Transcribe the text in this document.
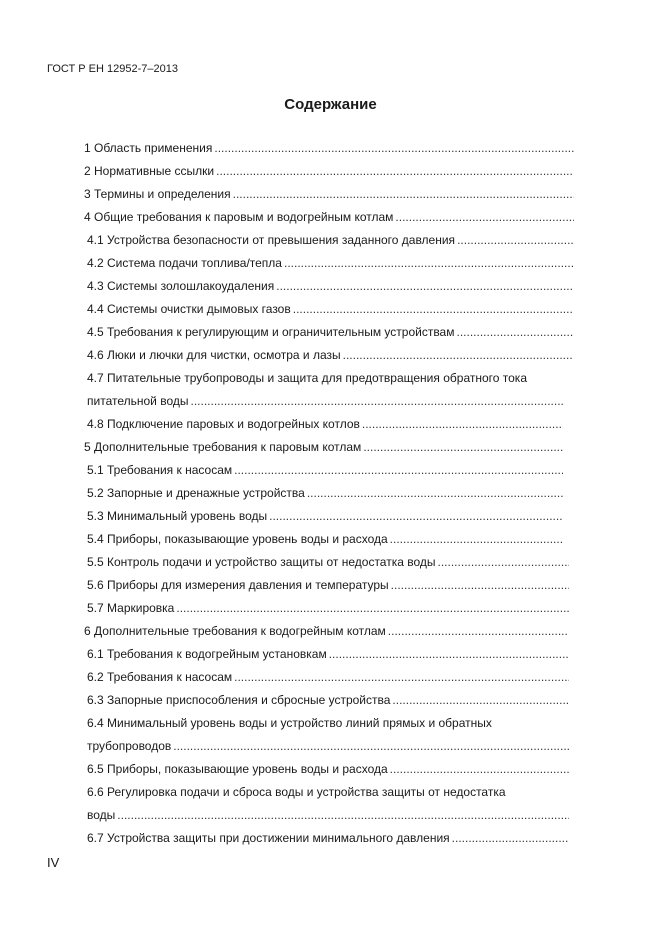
ГОСТ Р ЕН 12952-7–2013
Содержание
1 Область применения
.....
2 Нормативные ссылки
.....
3 Термины и определения
.....
4 Общие требования к паровым и водогрейным котлам
.....
4.1 Устройства безопасности от превышения заданного давления
.....
4.2 Система подачи топлива/тепла
.....
4.3 Системы золошлакоудаления
.....
4.4 Системы очистки дымовых газов
.....
4.5 Требования к регулирующим и ограничительным устройствам
.....
4.6 Люки и лючки для чистки, осмотра и лазы
.....
4.7 Питательные трубопроводы и защита для предотвращения обратного тока
питательной воды
.....
4.8 Подключение паровых и водогрейных котлов
.....
5 Дополнительные требования к паровым котлам
.....
5.1 Требования к насосам
.....
5.2 Запорные и дренажные устройства
.....
5.3 Минимальный уровень воды
.....
5.4 Приборы, показывающие уровень воды и расхода
.....
5.5 Контроль подачи и устройство защиты от недостатка воды
.....
5.6 Приборы для измерения давления и температуры
.....
5.7 Маркировка
.....
6 Дополнительные требования к водогрейным котлам
.....
6.1 Требования к водогрейным установкам
.....
6.2 Требования к насосам
.....
6.3 Запорные приспособления и сбросные устройства
.....
6.4 Минимальный уровень воды и устройство линий прямых и обратных
трубопроводов
.....
6.5 Приборы, показывающие уровень воды и расхода
.....
6.6 Регулировка подачи и сброса воды и устройства защиты от недостатка
воды
.....
6.7 Устройства защиты при достижении минимального давления
.....
IV
